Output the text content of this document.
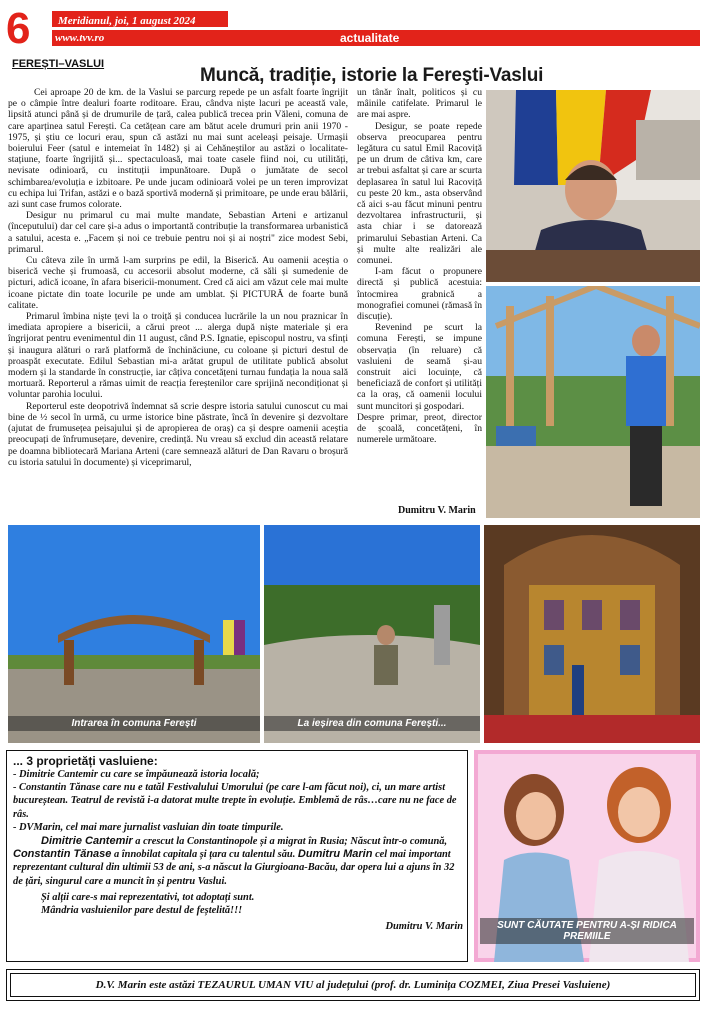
6	Meridianul, joi, 1 august 2024
www.tvv.ro	actualitate
FEREȘTI–VASLUI
Muncă, tradiție, istorie la Fereşti-Vaslui

Cei aproape 20 de km. de la Vaslui se parcurg repede pe un asfalt foarte îngrijit pe o câmpie între dealuri foarte roditoare. Erau, cândva niște lacuri pe această vale, lipsită atunci până și de drumurile de țară, calea publică trecea prin Văleni, comuna de care aparținea satul Ferești. Ca cetățean care am bătut acele drumuri prin anii 1970 - 1975, și știu ce locuri erau, spun că astăzi nu mai sunt aceleași peisaje. Urmașii boierului Feer (satul e intemeiat în 1482) și ai Cehăneștilor au astăzi o localitate-stațiune, foarte îngrijită și... spectaculoasă, mai toate casele fiind noi, cu utilități, nevisate odinioară, cu instituții impunătoare. După o jumătate de secol schimbarea/evoluția e izbitoare. Pe unde jucam odinioară volei pe un teren improvizat cu echipa lui Trifan, astăzi e o bază sportivă modernă și primitoare, pe unde erau bălării, azi sunt case frumos colorate.

Desigur nu primarul cu mai multe mandate, Sebastian Arteni e artizanul (începutului) dar cel care și-a adus o importantă contribuție la transformarea urbanistică a satului, acesta e. „Facem și noi ce trebuie pentru noi și ai noștri" zice modest Sebi, primarul.

Cu câteva zile în urmă l-am surprins pe edil, la Biserică. Au oamenii aceștia o biserică veche și frumoasă, cu accesorii absolut moderne, că săli și sumedenie de picturi, adică icoane, în afara bisericii-monument. Cred că aici am văzut cele mai multe icoane pictate din toate locurile pe unde am umblat. Și PICTURĂ de foarte bună calitate.

Primarul îmbina niște țevi la o troiță și conducea lucrările la un nou praznicar în imediata apropiere a bisericii, a cărui preot ... alerga după niște materiale și era îngrijorat pentru evenimentul din 11 august, când P.S. Ignatie, episcopul nostru, va sfinți și inaugura alături o rară platformă de închinăciune, cu coloane și picturi destul de proaspăt executate. Edilul Sebastian mi-a arătat grupul de utilitate publică absolut modern și la standarde în construcție, iar câțiva concetățeni turnau fundația la noua sală mortuară. Reporterul a rămas uimit de reacția fereștenilor care sprijină necondiționat și voluntar parohia locului.

Reporterul este deopotrivă îndemnat să scrie despre istoria satului cunoscut cu mai bine de ½ secol în urmă, cu urme istorice bine păstrate, încă în devenire și dezvoltare (ajutat de frumusețea peisajului și de apropierea de oraș) ca și despre oamenii aceștia preocupați de înfrumusețare, devenire, credință. Nu vreau să exclud din această relatare pe doamna bibliotecară Mariana Arteni (care semnează alături de Dan Ravaru o broșură cu istoria satului în documente) și viceprimarul,

un tânăr înalt, politicos și cu mâinile catifelate. Primarul le are mai aspre.

Desigur, se poate repede observa preocuparea pentru legătura cu satul Emil Racoviță pe un drum de câtiva km, care ar trebui asfaltat și care ar scurta deplasarea în satul lui Racoviță cu peste 20 km., asta observând că aici s-au făcut minuni pentru dezvoltarea infrastructurii, și asta chiar i se datorează primarului Sebastian Arteni. Ca și multe alte realizări ale comunei.

I-am făcut o propunere directă și publică acestuia: întocmirea grabnică a monografiei comunei (rămasă în discuție).

Revenind pe scurt la comuna Ferești, se impune observația (în reluare) că vasluieni de seamă și-au construit aici locuințe, că beneficiază de confort și utilități ca la oraș, că oamenii locului sunt muncitori și gospodari.

Despre primar, preot, director de școală, concetățeni, în numerele următoare.

Dumitru V. Marin
Intrarea în comuna Ferești	La ieșirea din comuna Ferești...
... 3 proprietăți vasluiene:

- Dimitrie Cantemir cu care se împăunează istoria locală;

- Constantin Tănase care nu e tatăl Festivalului Umorului (pe care l-am făcut noi), ci, un mare artist bucureștean. Teatrul de revistă i-a datorat multe trepte în evoluție. Emblemă de râs…care nu ne face de râs.

- DVMarin, cel mai mare jurnalist vasluian din toate timpurile.

Dimitrie Cantemir a crescut la Constantinopole și a migrat în Rusia; Născut într-o comună, Constantin Tănase a înnobilat capitala și țara cu talentul său. Dumitru Marin cel mai important reprezentant cultural din ultimii 53 de ani, s-a născut la Giurgioana-Bacău, dar opera lui a ajuns în 32 de țări, singurul care a muncit în și pentru Vaslui.

Și alții care-s mai reprezentativi, tot adoptați sunt.

Mândria vasluienilor pare destul de feștelită!!!

Dumitru V. Marin	SUNT CĂUTATE PENTRU A-ȘI RIDICA PREMIILE
D.V. Marin este astăzi TEZAURUL UMAN VIU al județului (prof. dr. Luminița COZMEI, Ziua Presei Vasluiene)
